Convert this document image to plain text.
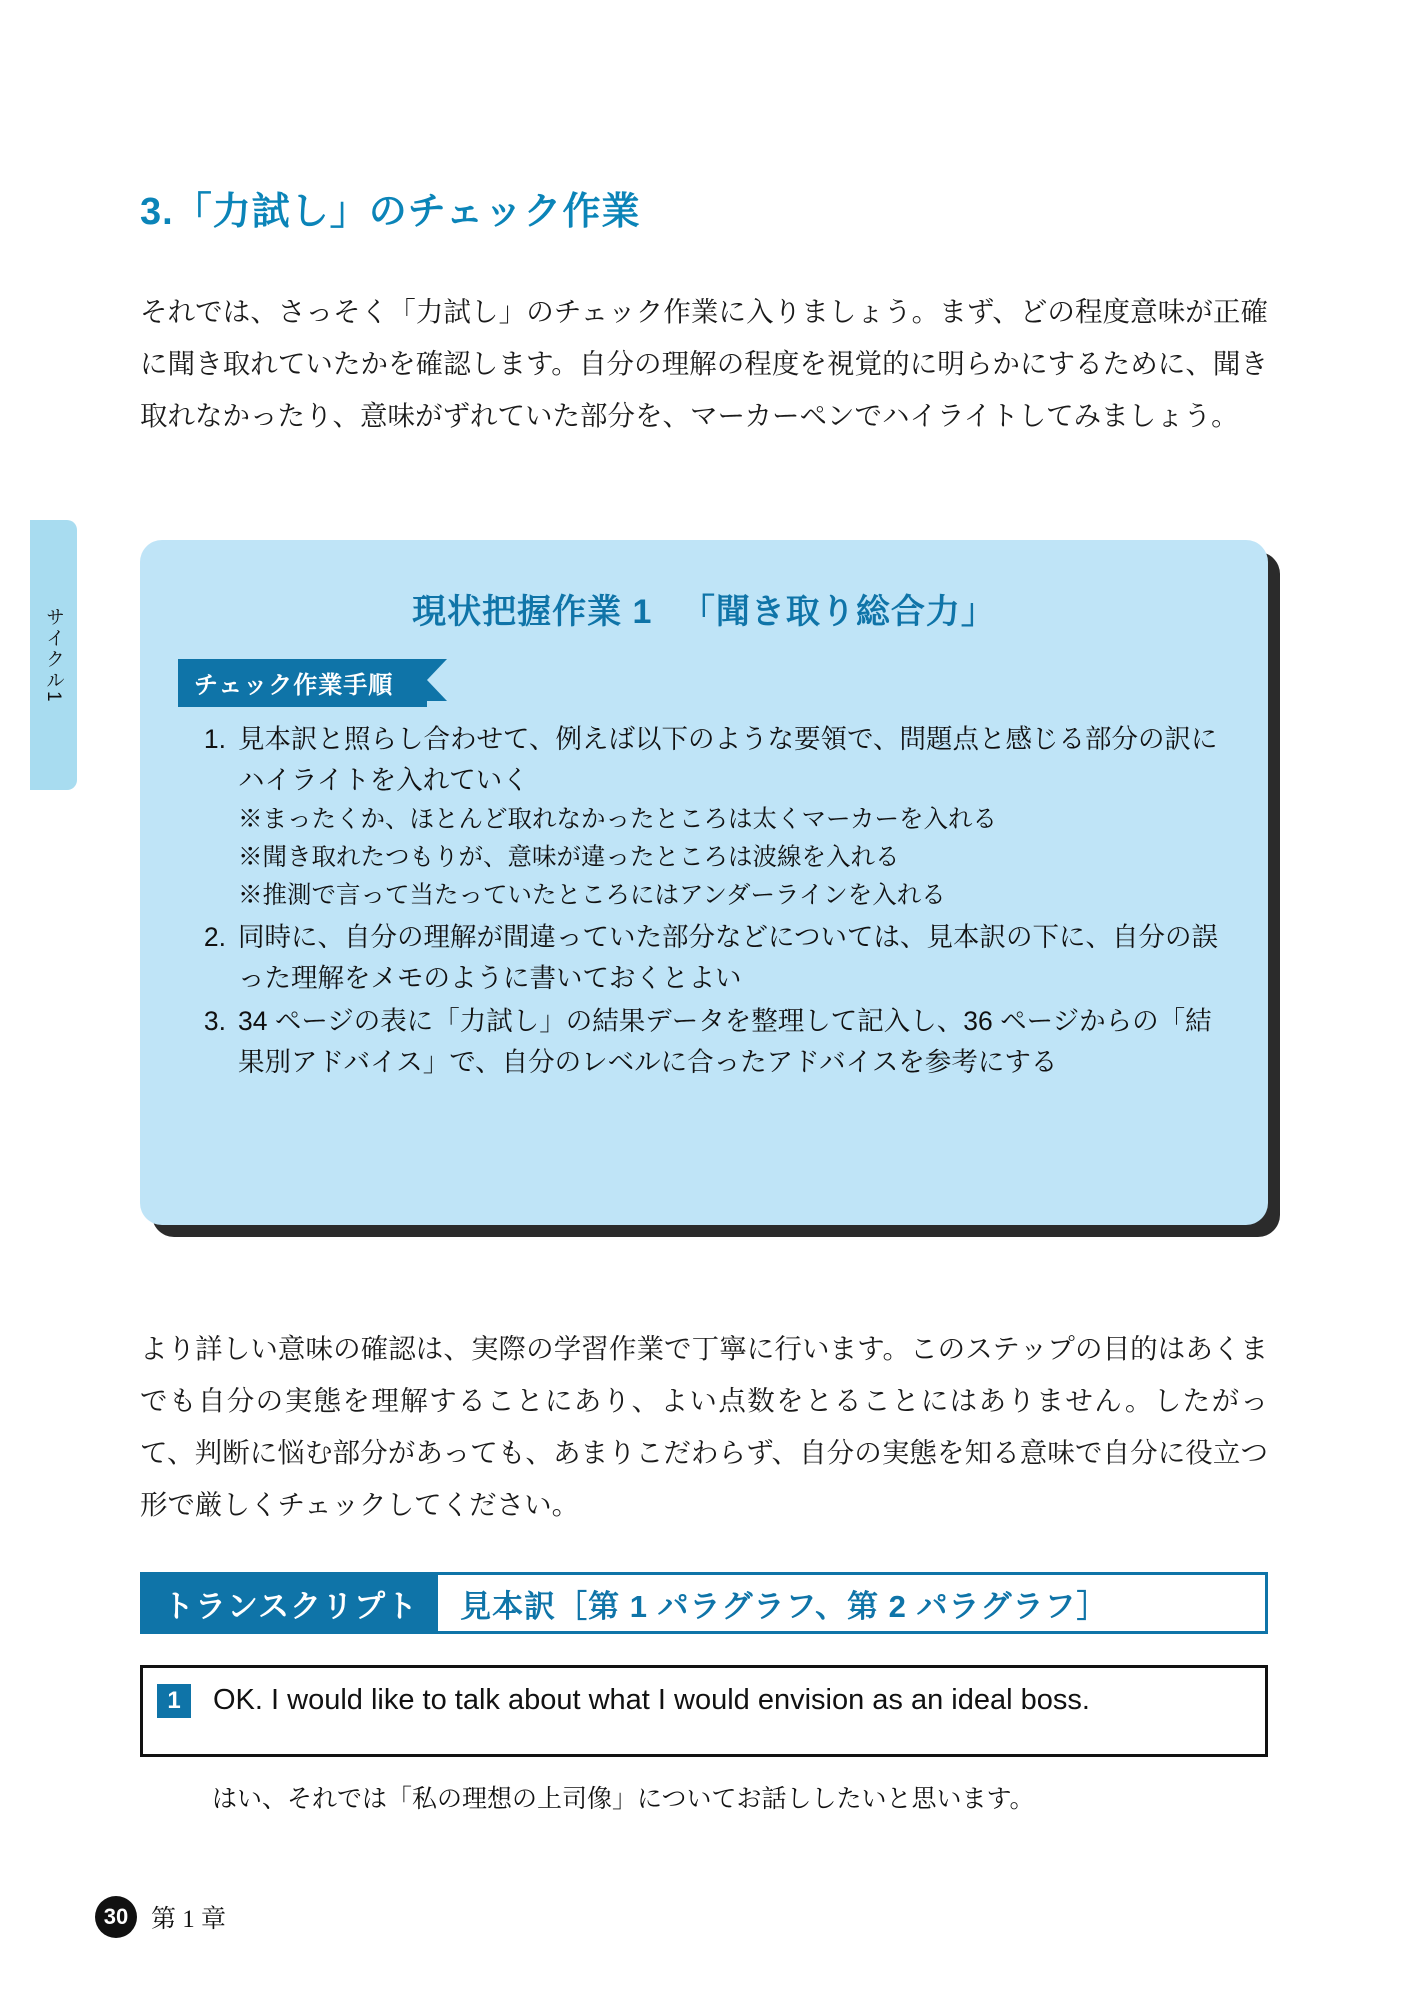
サイクル1
3.「力試し」のチェック作業

それでは、さっそく「力試し」のチェック作業に入りましょう。まず、どの程度意味が正確に聞き取れていたかを確認します。自分の理解の程度を視覚的に明らかにするために、聞き取れなかったり、意味がずれていた部分を、マーカーペンでハイライトしてみましょう。

現状把握作業 1 　「聞き取り総合力」
チェック作業手順
1. 見本訳と照らし合わせて、例えば以下のような要領で、問題点と感じる部分の訳にハイライトを入れていく
※まったくか、ほとんど取れなかったところは太くマーカーを入れる
※聞き取れたつもりが、意味が違ったところは波線を入れる
※推測で言って当たっていたところにはアンダーラインを入れる
2. 同時に、自分の理解が間違っていた部分などについては、見本訳の下に、自分の誤った理解をメモのように書いておくとよい
3. 34 ページの表に「力試し」の結果データを整理して記入し、36 ページからの「結果別アドバイス」で、自分のレベルに合ったアドバイスを参考にする

より詳しい意味の確認は、実際の学習作業で丁寧に行います。このステップの目的はあくまでも自分の実態を理解することにあり、よい点数をとることにはありません。したがって、判断に悩む部分があっても、あまりこだわらず、自分の実態を知る意味で自分に役立つ形で厳しくチェックしてください。

トランスクリプト	見本訳［第 1 パラグラフ、第 2 パラグラフ］
1	OK. I would like to talk about what I would envision as an ideal boss.
はい、それでは「私の理想の上司像」についてお話ししたいと思います。
30 第 1 章
